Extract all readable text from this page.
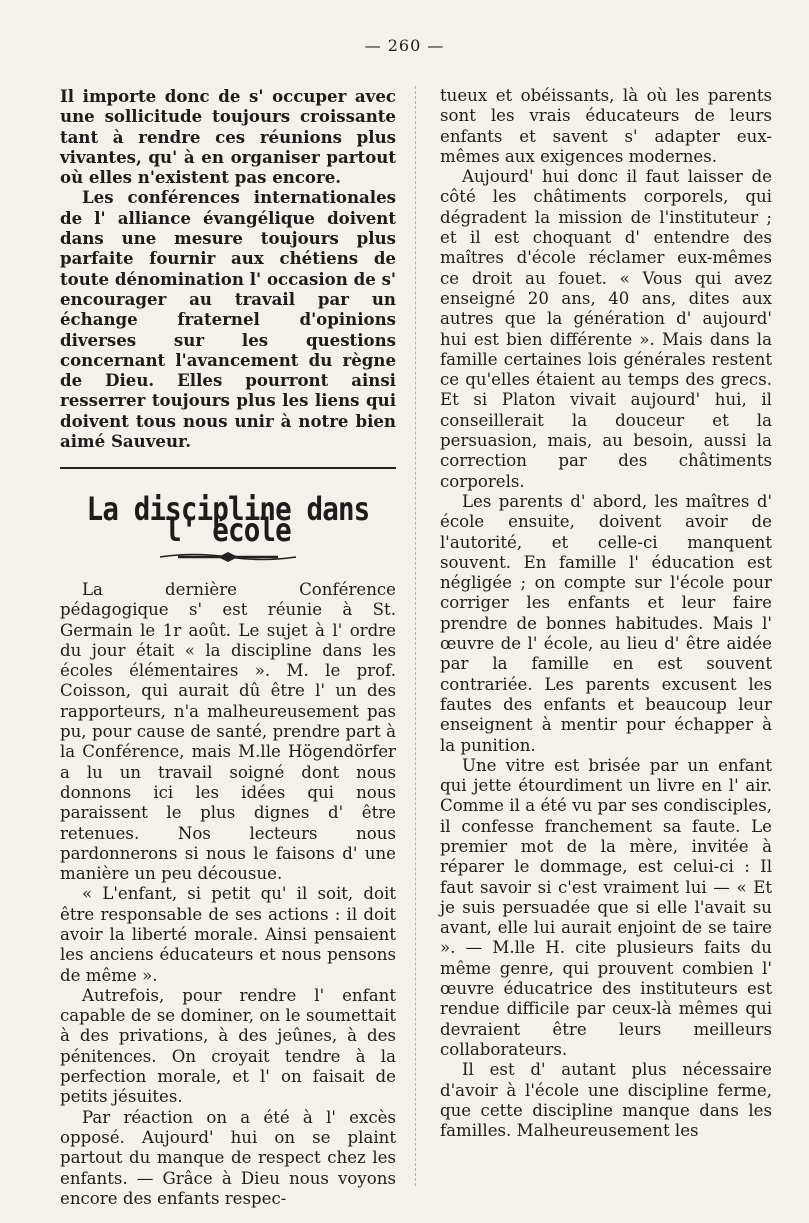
— 260 —

Il importe donc de s' occuper avec une sollicitude toujours croissante tant à rendre ces réunions plus vivantes, qu' à en organiser partout où elles n'existent pas encore.

Les conférences internationales de l' alliance évangélique doivent dans une mesure toujours plus parfaite fournir aux chétiens de toute dénomination l' occasion de s' encourager au travail par un échange fraternel d'opinions diverses sur les questions concernant l'avancement du règne de Dieu. Elles pourront ainsi resserrer toujours plus les liens qui doivent tous nous unir à notre bien aimé Sauveur.

La discipline dans l' école

La dernière Conférence pédagogique s' est réunie à St. Germain le 1r août. Le sujet à l' ordre du jour était « la discipline dans les écoles élémentaires ». M. le prof. Coisson, qui aurait dû être l' un des rapporteurs, n'a malheureusement pas pu, pour cause de santé, prendre part à la Conférence, mais M.lle Högendörfer a lu un travail soigné dont nous donnons ici les idées qui nous paraissent le plus dignes d' être retenues. Nos lecteurs nous pardonnerons si nous le faisons d' une manière un peu décousue.

« L'enfant, si petit qu' il soit, doit être responsable de ses actions : il doit avoir la liberté morale. Ainsi pensaient les anciens éducateurs et nous pensons de même ».

Autrefois, pour rendre l' enfant capable de se dominer, on le soumettait à des privations, à des jeûnes, à des pénitences. On croyait tendre à la perfection morale, et l' on faisait de petits jésuites.

Par réaction on a été à l' excès opposé. Aujourd' hui on se plaint partout du manque de respect chez les enfants. — Grâce à Dieu nous voyons encore des enfants respec-

tueux et obéissants, là où les parents sont les vrais éducateurs de leurs enfants et savent s' adapter eux-mêmes aux exigences modernes.

Aujourd' hui donc il faut laisser de côté les châtiments corporels, qui dégradent la mission de l'instituteur ; et il est choquant d' entendre des maîtres d'école réclamer eux-mêmes ce droit au fouet. « Vous qui avez enseigné 20 ans, 40 ans, dites aux autres que la génération d' aujourd' hui est bien différente ». Mais dans la famille certaines lois générales restent ce qu'elles étaient au temps des grecs. Et si Platon vivait aujourd' hui, il conseillerait la douceur et la persuasion, mais, au besoin, aussi la correction par des châtiments corporels.

Les parents d' abord, les maîtres d' école ensuite, doivent avoir de l'autorité, et celle-ci manquent souvent. En famille l' éducation est négligée ; on compte sur l'école pour corriger les enfants et leur faire prendre de bonnes habitudes. Mais l' œuvre de l' école, au lieu d' être aidée par la famille en est souvent contrariée. Les parents excusent les fautes des enfants et beaucoup leur enseignent à mentir pour échapper à la punition.

Une vitre est brisée par un enfant qui jette étourdiment un livre en l' air. Comme il a été vu par ses condisciples, il confesse franchement sa faute. Le premier mot de la mère, invitée à réparer le dommage, est celui-ci : Il faut savoir si c'est vraiment lui — « Et je suis persuadée que si elle l'avait su avant, elle lui aurait enjoint de se taire ». — M.lle H. cite plusieurs faits du même genre, qui prouvent combien l' œuvre éducatrice des instituteurs est rendue difficile par ceux-là mêmes qui devraient être leurs meilleurs collaborateurs.

Il est d' autant plus nécessaire d'avoir à l'école une discipline ferme, que cette discipline manque dans les familles. Malheureusement les
